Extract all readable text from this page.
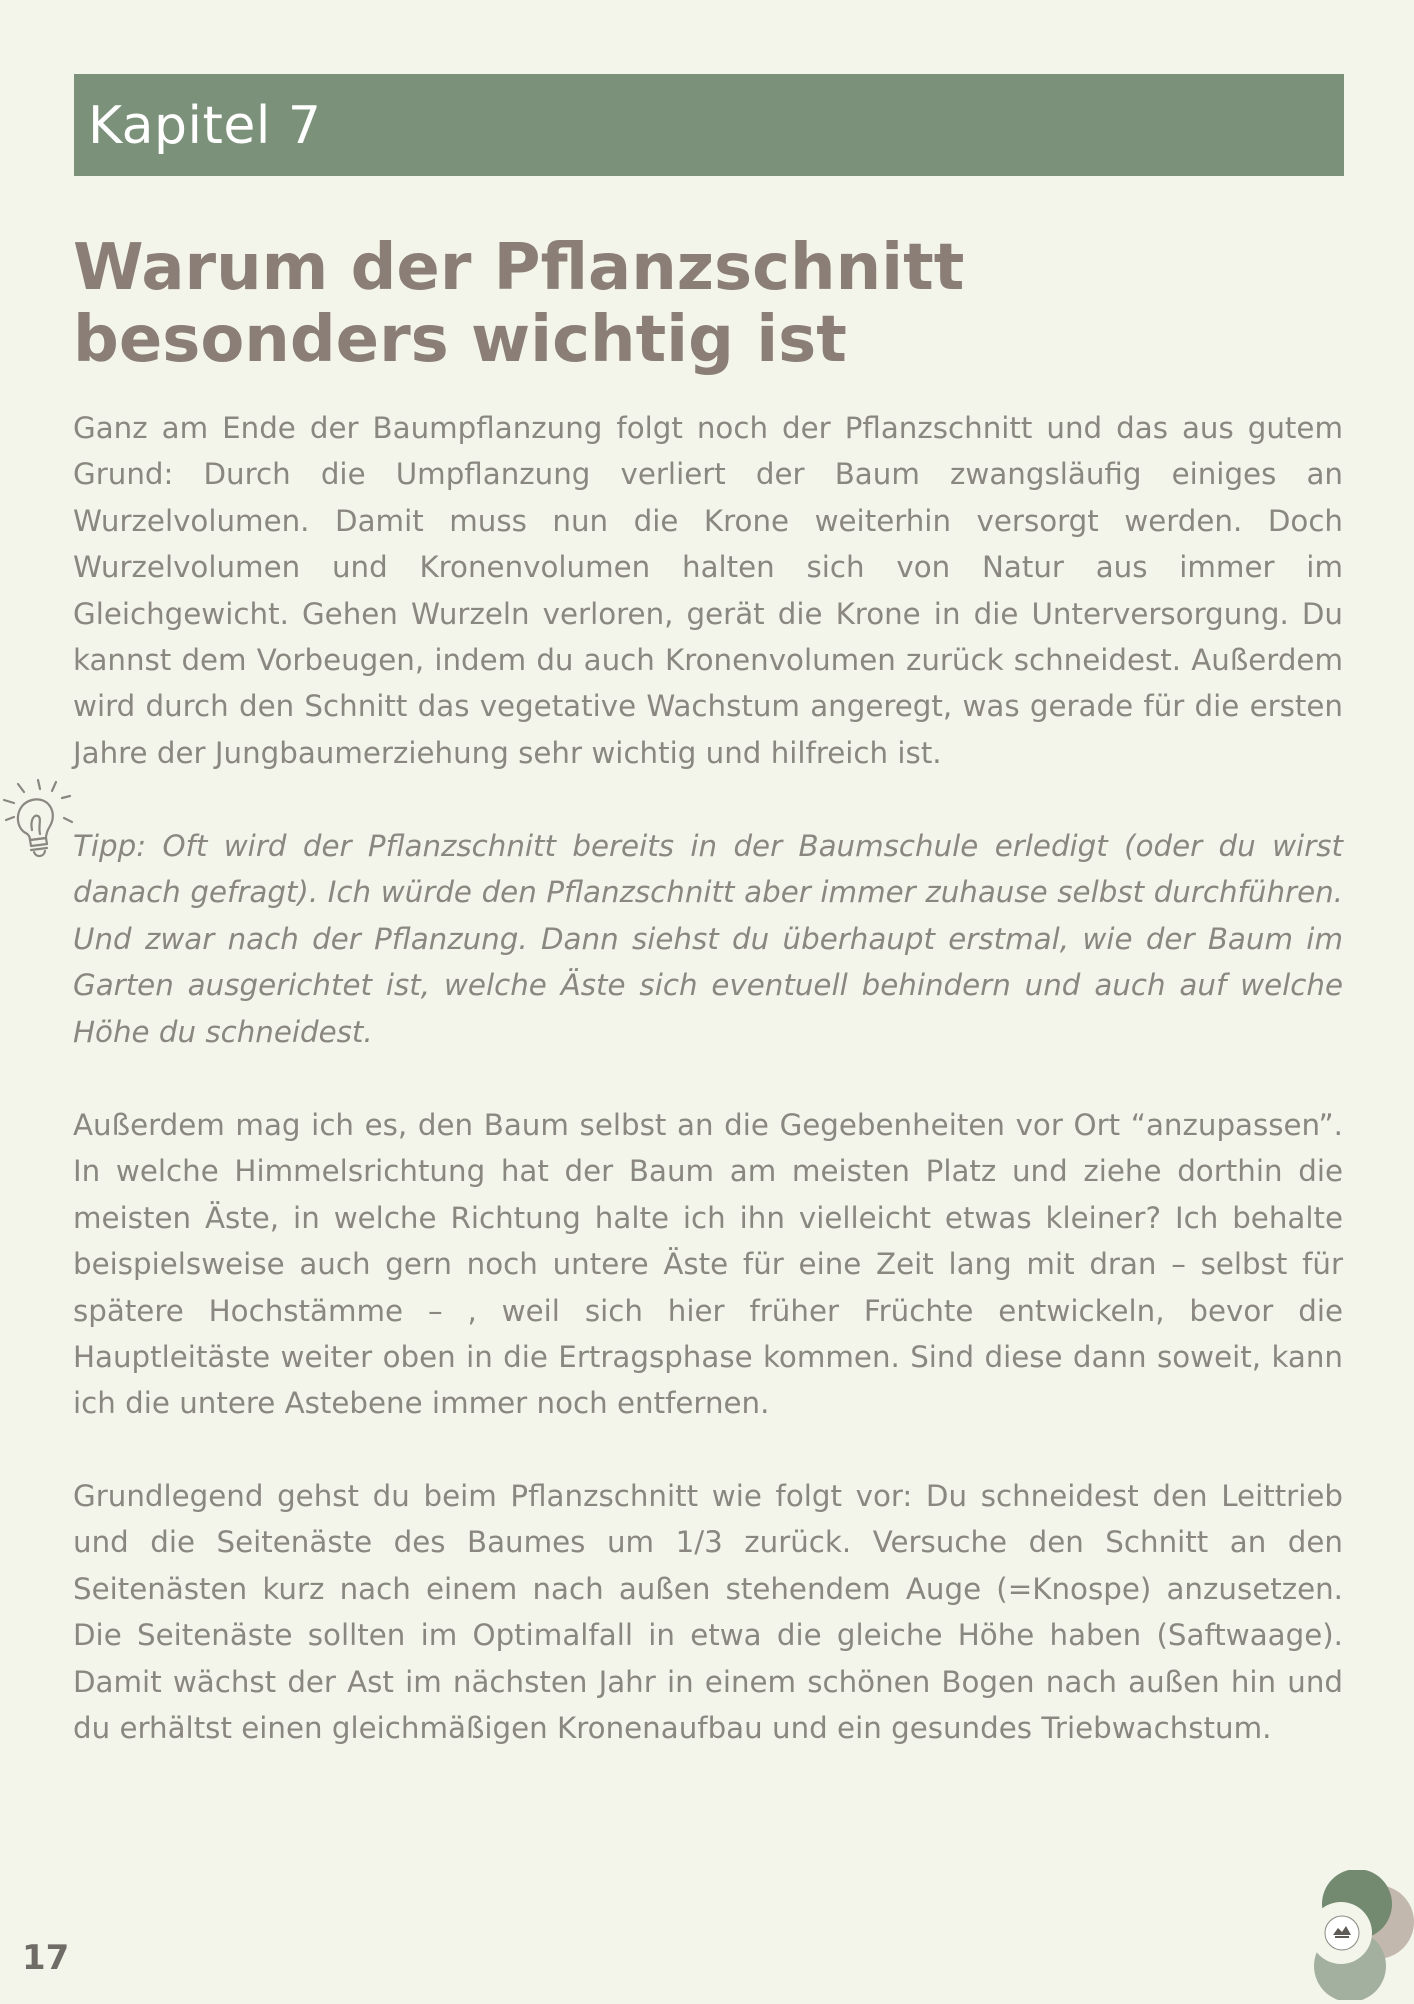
Kapitel 7
Warum der Pflanzschnitt besonders wichtig ist

Ganz am Ende der Baumpflanzung folgt noch der Pflanzschnitt und das aus gutem Grund: Durch die Umpflanzung verliert der Baum zwangsläufig einiges an Wurzelvolumen. Damit muss nun die Krone weiterhin versorgt werden. Doch Wurzelvolumen und Kronenvolumen halten sich von Natur aus immer im Gleichgewicht. Gehen Wurzeln verloren, gerät die Krone in die Unterversorgung. Du kannst dem Vorbeugen, indem du auch Kronenvolumen zurück schneidest. Außerdem wird durch den Schnitt das vegetative Wachstum angeregt, was gerade für die ersten Jahre der Jungbaumerziehung sehr wichtig und hilfreich ist.

Tipp: Oft wird der Pflanzschnitt bereits in der Baumschule erledigt (oder du wirst danach gefragt). Ich würde den Pflanzschnitt aber immer zuhause selbst durchführen. Und zwar nach der Pflanzung. Dann siehst du überhaupt erstmal, wie der Baum im Garten ausgerichtet ist, welche Äste sich eventuell behindern und auch auf welche Höhe du schneidest.

Außerdem mag ich es, den Baum selbst an die Gegebenheiten vor Ort “anzupassen”. In welche Himmelsrichtung hat der Baum am meisten Platz und ziehe dorthin die meisten Äste, in welche Richtung halte ich ihn vielleicht etwas kleiner? Ich behalte beispielsweise auch gern noch untere Äste für eine Zeit lang mit dran – selbst für spätere Hochstämme – , weil sich hier früher Früchte entwickeln, bevor die Hauptleitäste weiter oben in die Ertragsphase kommen. Sind diese dann soweit, kann ich die untere Astebene immer noch entfernen.

Grundlegend gehst du beim Pflanzschnitt wie folgt vor: Du schneidest den Leittrieb und die Seitenäste des Baumes um 1/3 zurück. Versuche den Schnitt an den Seitenästen kurz nach einem nach außen stehendem Auge (=Knospe) anzusetzen. Die Seitenäste sollten im Optimalfall in etwa die gleiche Höhe haben (Saftwaage). Damit wächst der Ast im nächsten Jahr in einem schönen Bogen nach außen hin und du erhältst einen gleichmäßigen Kronenaufbau und ein gesundes Triebwachstum.

17
